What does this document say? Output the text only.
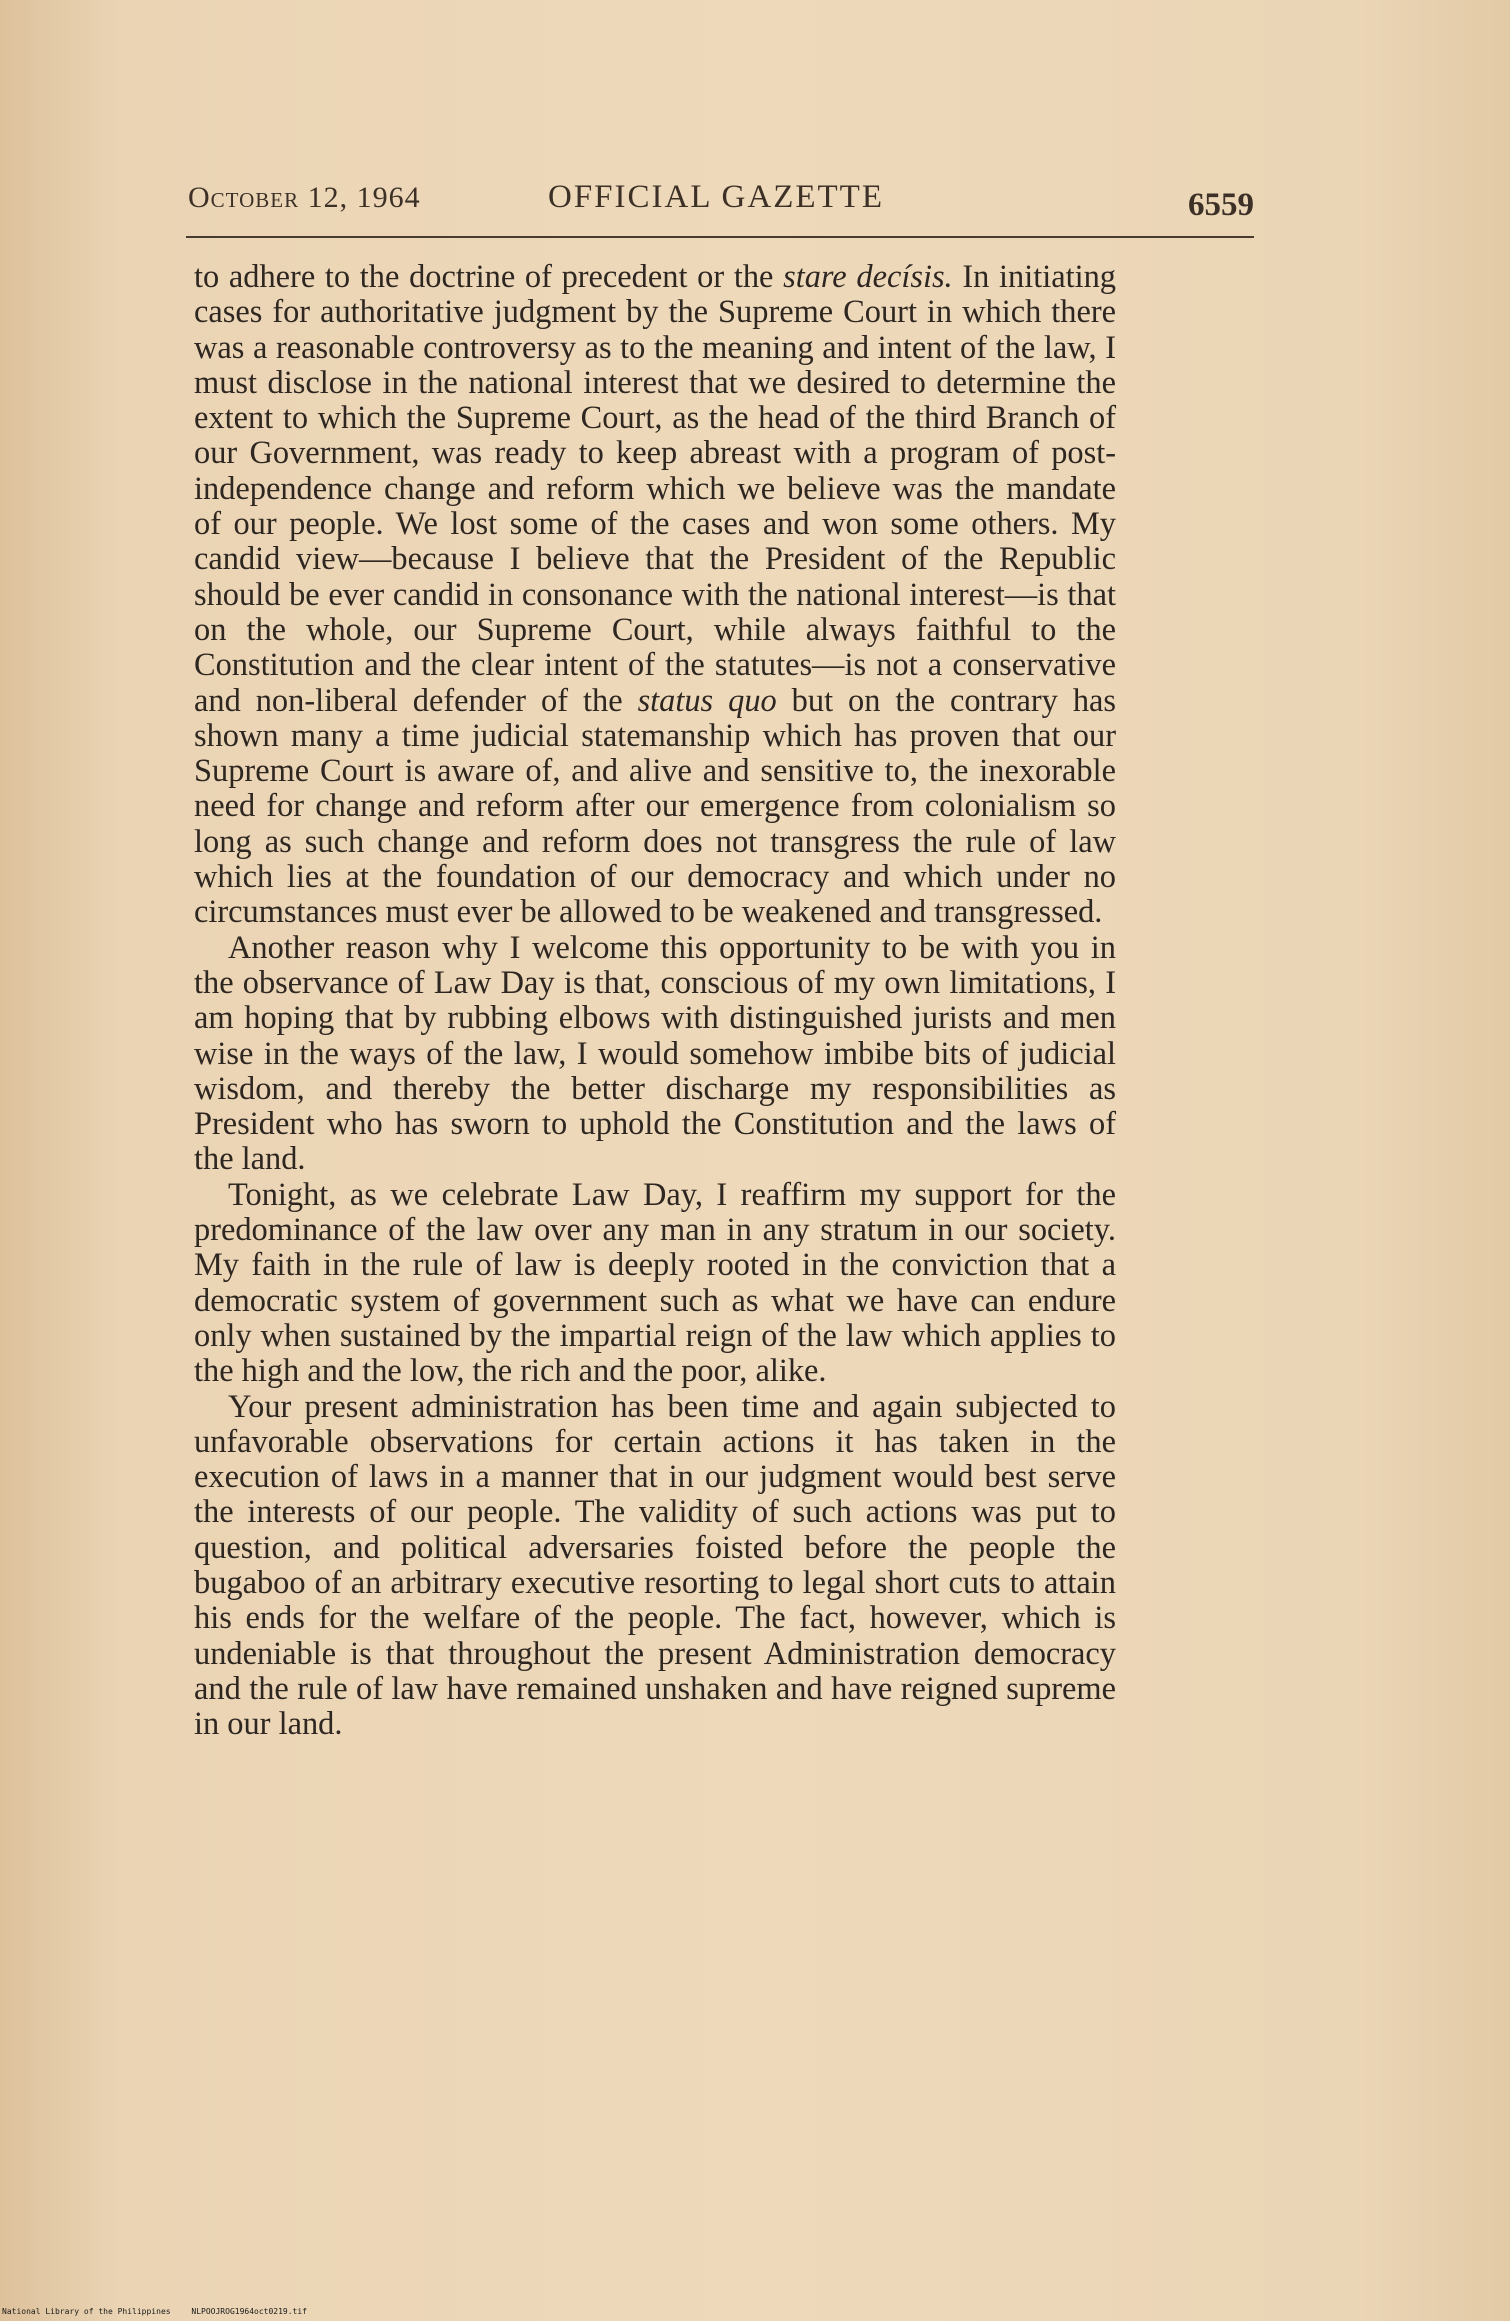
October 12, 1964	OFFICIAL GAZETTE	6559

to adhere to the doctrine of precedent or the stare decísis. In initiating cases for authoritative judgment by the Supreme Court in which there was a reasonable controversy as to the meaning and intent of the law, I must disclose in the national interest that we desired to determine the extent to which the Supreme Court, as the head of the third Branch of our Government, was ready to keep abreast with a program of post-independence change and reform which we believe was the mandate of our people. We lost some of the cases and won some others. My candid view—because I believe that the President of the Republic should be ever candid in consonance with the national interest—is that on the whole, our Supreme Court, while always faithful to the Constitution and the clear intent of the statutes—is not a conservative and non-liberal defender of the status quo but on the contrary has shown many a time judicial statemanship which has proven that our Supreme Court is aware of, and alive and sensitive to, the inexorable need for change and reform after our emergence from colonialism so long as such change and reform does not transgress the rule of law which lies at the foundation of our democracy and which under no circumstances must ever be allowed to be weakened and transgressed.

Another reason why I welcome this opportunity to be with you in the observance of Law Day is that, conscious of my own limitations, I am hoping that by rubbing elbows with distinguished jurists and men wise in the ways of the law, I would somehow imbibe bits of judicial wisdom, and thereby the better discharge my responsibilities as President who has sworn to uphold the Constitution and the laws of the land.

Tonight, as we celebrate Law Day, I reaffirm my support for the predominance of the law over any man in any stratum in our society. My faith in the rule of law is deeply rooted in the conviction that a democratic system of government such as what we have can endure only when sustained by the impartial reign of the law which applies to the high and the low, the rich and the poor, alike.

Your present administration has been time and again subjected to unfavorable observations for certain actions it has taken in the execution of laws in a manner that in our judgment would best serve the interests of our people. The validity of such actions was put to question, and political adversaries foisted before the people the bugaboo of an arbitrary executive resorting to legal short cuts to attain his ends for the welfare of the people. The fact, however, which is undeniable is that throughout the present Administration democracy and the rule of law have remained unshaken and have reigned supreme in our land.

National Library of the Philippines	NLPOOJROG1964oct0219.tif
